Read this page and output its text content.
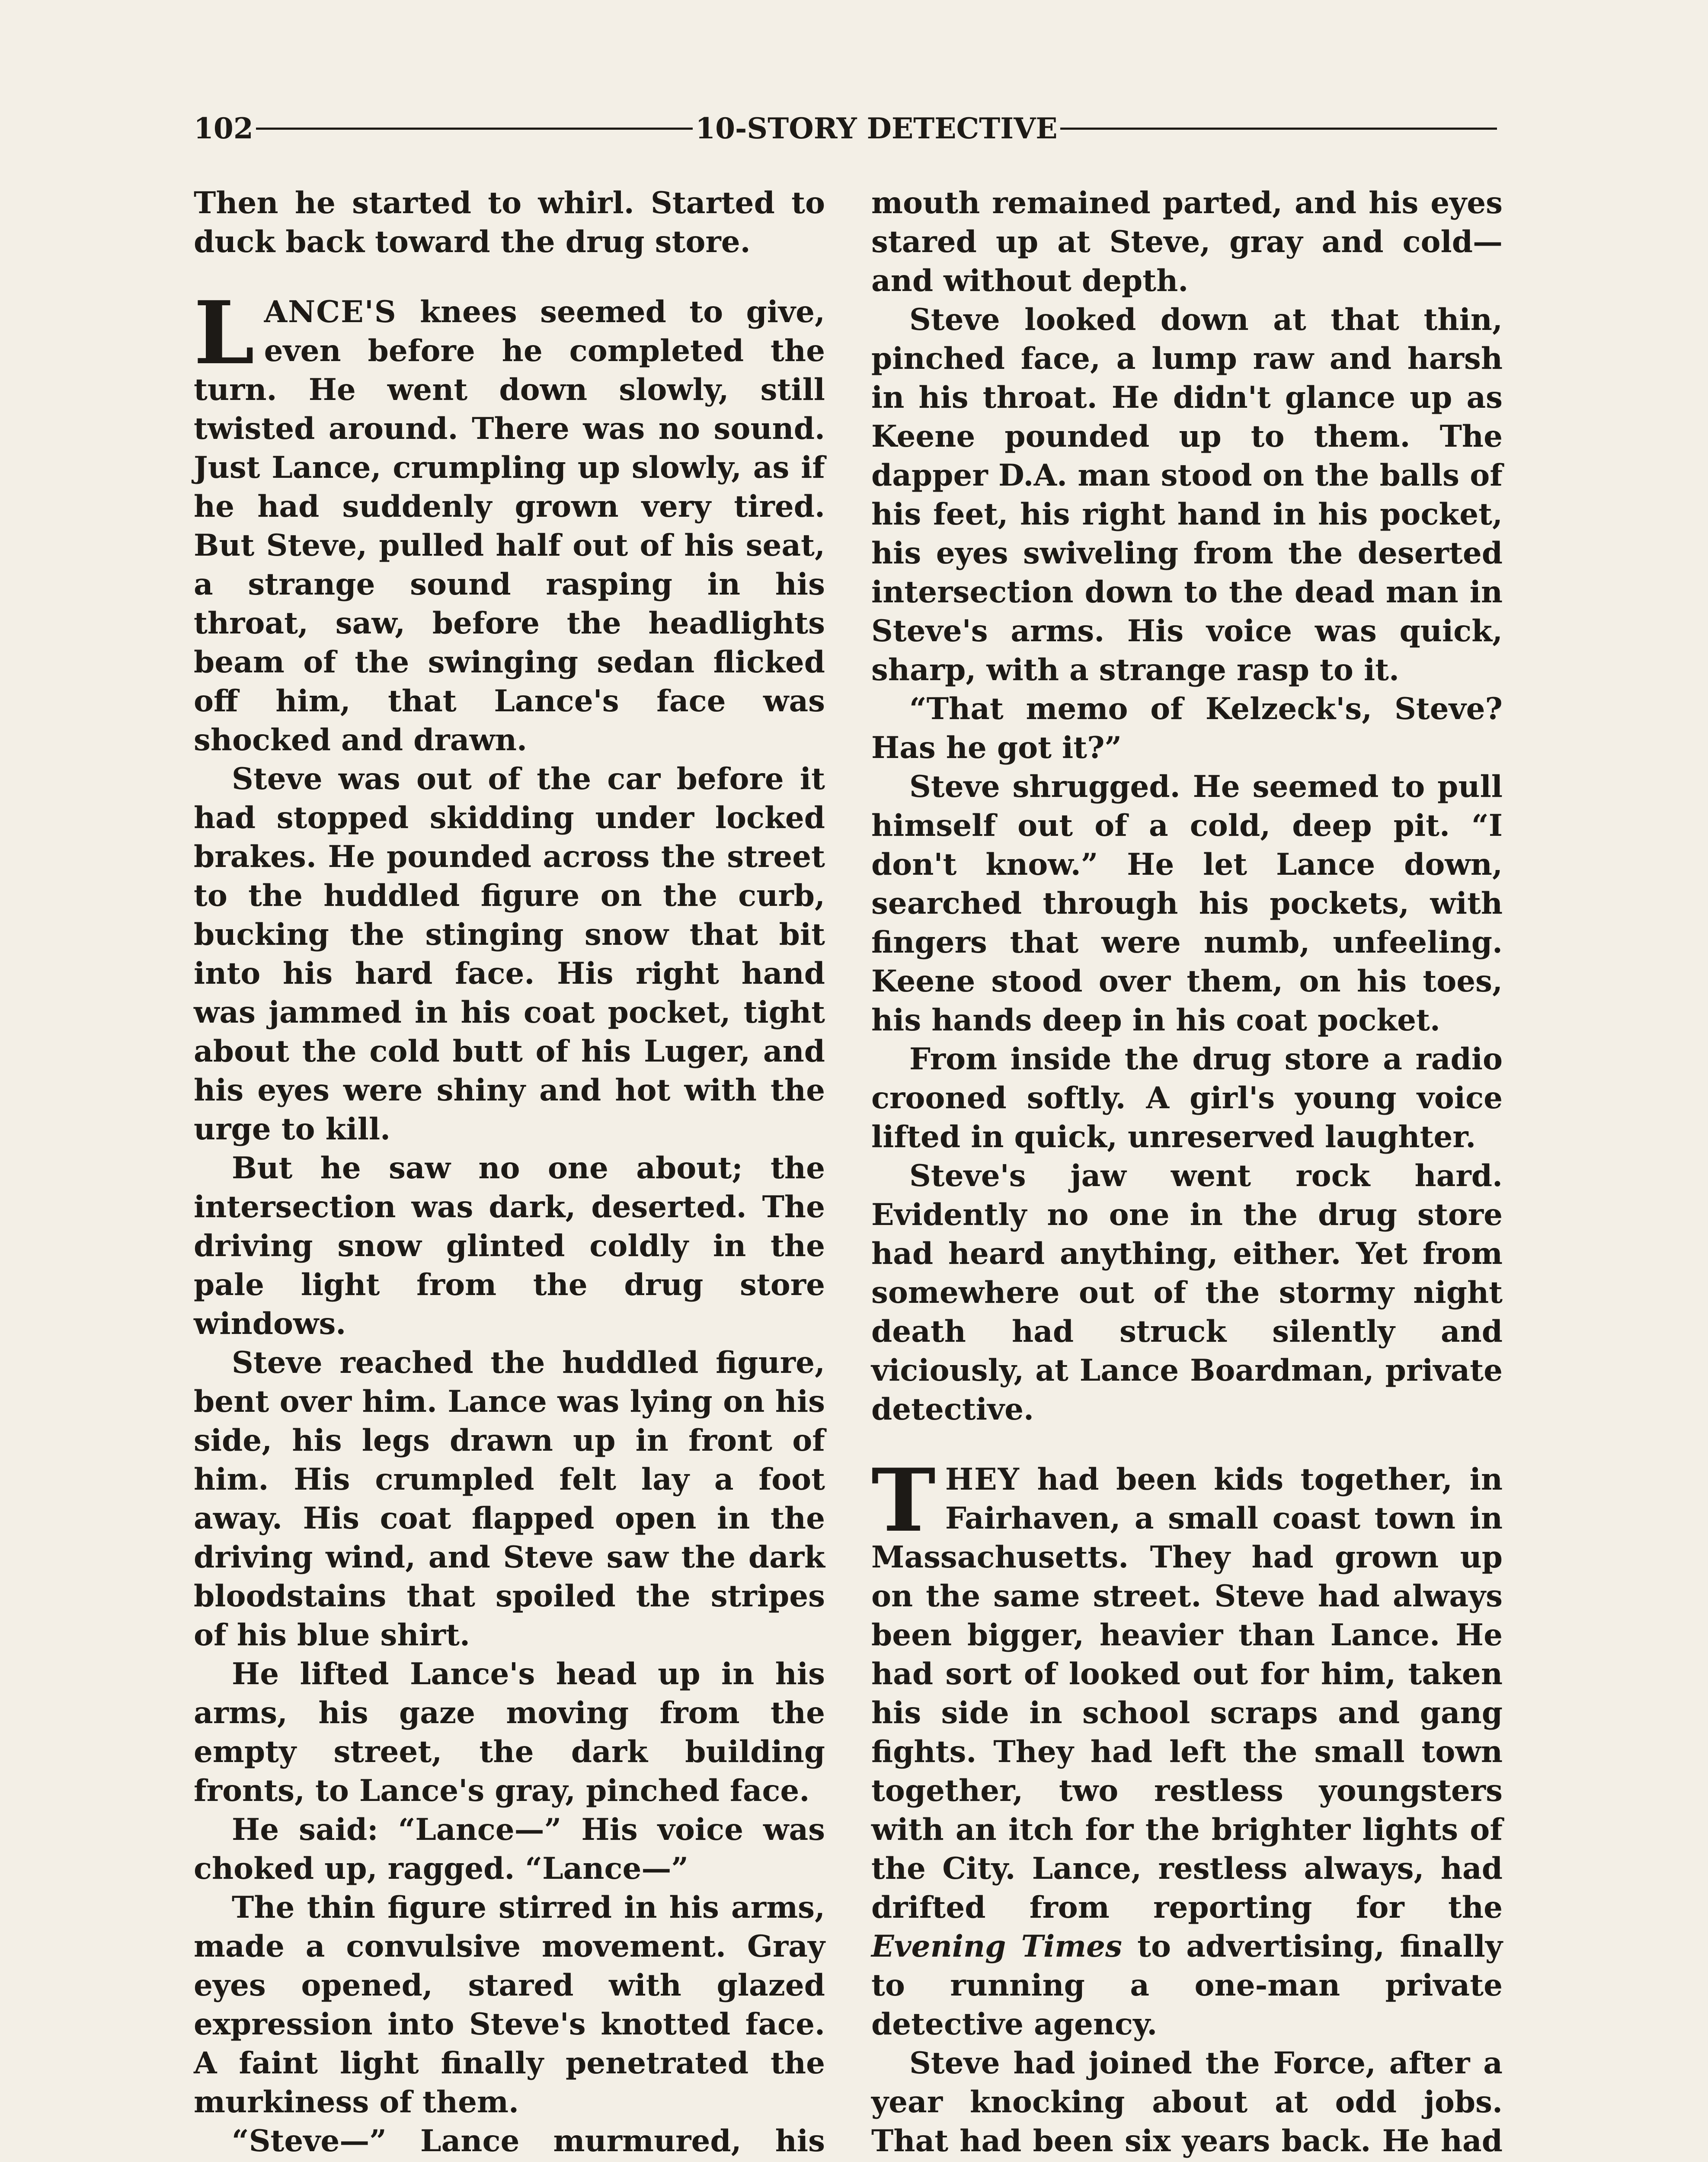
102	10-STORY DETECTIVE

Then he started to whirl. Started to duck back toward the drug store.

LANCE'S knees seemed to give, even before he completed the turn. He went down slowly, still twisted around. There was no sound. Just Lance, crumpling up slowly, as if he had suddenly grown very tired. But Steve, pulled half out of his seat, a strange sound rasping in his throat, saw, before the headlights beam of the swinging sedan flicked off him, that Lance's face was shocked and drawn.

Steve was out of the car before it had stopped skidding under locked brakes. He pounded across the street to the huddled figure on the curb, bucking the stinging snow that bit into his hard face. His right hand was jammed in his coat pocket, tight about the cold butt of his Luger, and his eyes were shiny and hot with the urge to kill.

But he saw no one about; the intersection was dark, deserted. The driving snow glinted coldly in the pale light from the drug store windows.

Steve reached the huddled figure, bent over him. Lance was lying on his side, his legs drawn up in front of him. His crumpled felt lay a foot away. His coat flapped open in the driving wind, and Steve saw the dark bloodstains that spoiled the stripes of his blue shirt.

He lifted Lance's head up in his arms, his gaze moving from the empty street, the dark building fronts, to Lance's gray, pinched face.

He said: “Lance—” His voice was choked up, ragged. “Lance—”

The thin figure stirred in his arms, made a convulsive movement. Gray eyes opened, stared with glazed expression into Steve's knotted face. A faint light finally penetrated the murkiness of them.

“Steve—” Lance murmured, his

mouth remained parted, and his eyes stared up at Steve, gray and cold—and without depth.

Steve looked down at that thin, pinched face, a lump raw and harsh in his throat. He didn't glance up as Keene pounded up to them. The dapper D.A. man stood on the balls of his feet, his right hand in his pocket, his eyes swiveling from the deserted intersection down to the dead man in Steve's arms. His voice was quick, sharp, with a strange rasp to it.

“That memo of Kelzeck's, Steve? Has he got it?”

Steve shrugged. He seemed to pull himself out of a cold, deep pit. “I don't know.” He let Lance down, searched through his pockets, with fingers that were numb, unfeeling. Keene stood over them, on his toes, his hands deep in his coat pocket.

From inside the drug store a radio crooned softly. A girl's young voice lifted in quick, unreserved laughter.

Steve's jaw went rock hard. Evidently no one in the drug store had heard anything, either. Yet from somewhere out of the stormy night death had struck silently and viciously, at Lance Boardman, private detective.

THEY had been kids together, in Fairhaven, a small coast town in Massachusetts. They had grown up on the same street. Steve had always been bigger, heavier than Lance. He had sort of looked out for him, taken his side in school scraps and gang fights. They had left the small town together, two restless youngsters with an itch for the brighter lights of the City. Lance, restless always, had drifted from reporting for the Evening Times to advertising, finally to running a one-man private detective agency.

Steve had joined the Force, after a year knocking about at odd jobs. That had been six years back. He had
